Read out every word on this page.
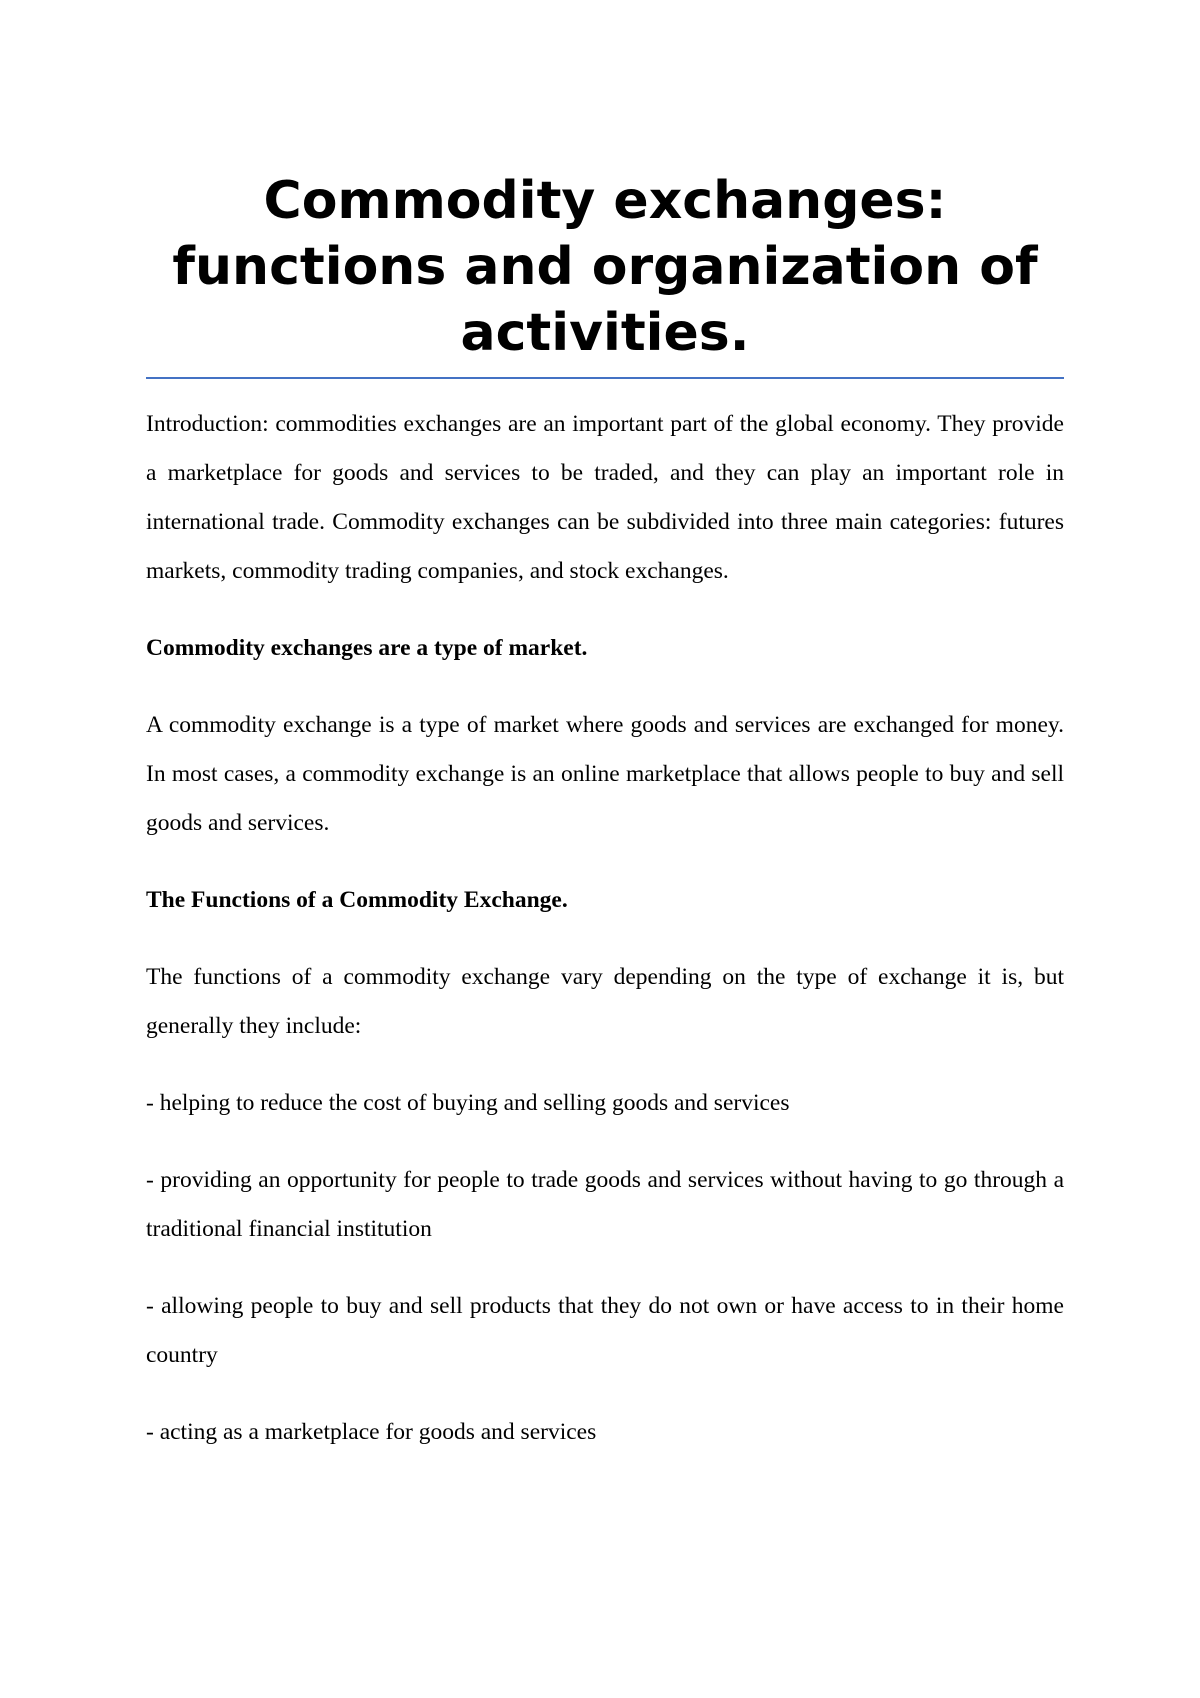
Commodity exchanges: functions and organization of activities.

Introduction: commodities exchanges are an important part of the global economy. They provide a marketplace for goods and services to be traded, and they can play an important role in international trade. Commodity exchanges can be subdivided into three main categories: futures markets, commodity trading companies, and stock exchanges.

Commodity exchanges are a type of market.

A commodity exchange is a type of market where goods and services are exchanged for money. In most cases, a commodity exchange is an online marketplace that allows people to buy and sell goods and services.

The Functions of a Commodity Exchange.

The functions of a commodity exchange vary depending on the type of exchange it is, but generally they include:

- helping to reduce the cost of buying and selling goods and services

- providing an opportunity for people to trade goods and services without having to go through a traditional financial institution

- allowing people to buy and sell products that they do not own or have access to in their home country

- acting as a marketplace for goods and services
